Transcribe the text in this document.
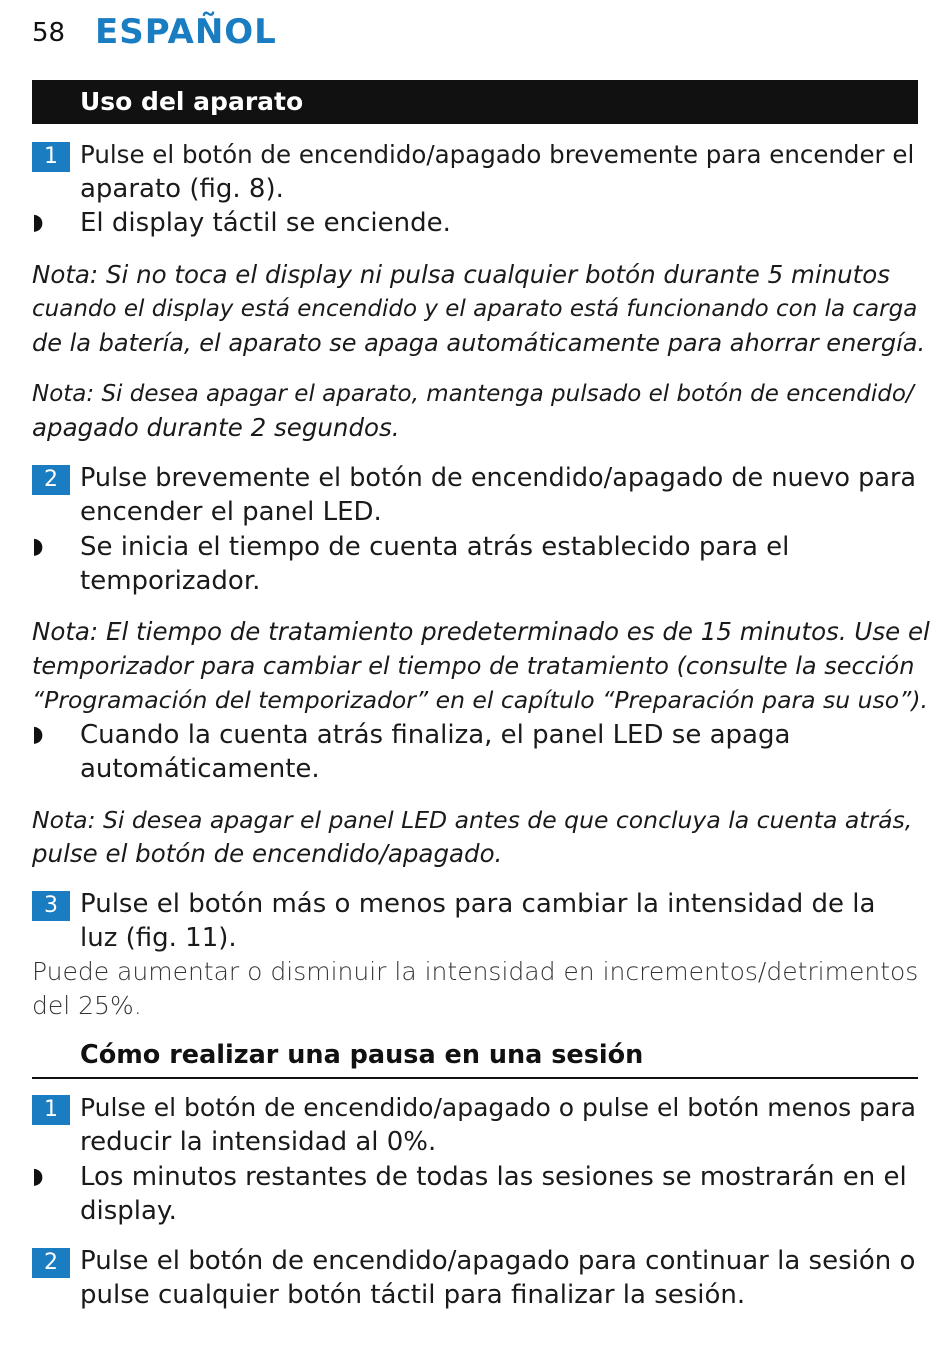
58 ESPAÑOL
Uso del aparato
1 Pulse el botón de encendido/apagado brevemente para encender el
aparato (fig. 8).
◗ El display táctil se enciende.
Nota: Si no toca el display ni pulsa cualquier botón durante 5 minutos
cuando el display está encendido y el aparato está funcionando con la carga
de la batería, el aparato se apaga automáticamente para ahorrar energía.
Nota: Si desea apagar el aparato, mantenga pulsado el botón de encendido/
apagado durante 2 segundos.
2 Pulse brevemente el botón de encendido/apagado de nuevo para
encender el panel LED.
◗ Se inicia el tiempo de cuenta atrás establecido para el
temporizador.
Nota: El tiempo de tratamiento predeterminado es de 15 minutos. Use el
temporizador para cambiar el tiempo de tratamiento (consulte la sección
“Programación del temporizador” en el capítulo “Preparación para su uso”).
◗ Cuando la cuenta atrás finaliza, el panel LED se apaga
automáticamente.
Nota: Si desea apagar el panel LED antes de que concluya la cuenta atrás,
pulse el botón de encendido/apagado.
3 Pulse el botón más o menos para cambiar la intensidad de la
luz (fig. 11).
Puede aumentar o disminuir la intensidad en incrementos/detrimentos
del 25%.
Cómo realizar una pausa en una sesión
1 Pulse el botón de encendido/apagado o pulse el botón menos para
reducir la intensidad al 0%.
◗ Los minutos restantes de todas las sesiones se mostrarán en el
display.
2 Pulse el botón de encendido/apagado para continuar la sesión o
pulse cualquier botón táctil para finalizar la sesión.
